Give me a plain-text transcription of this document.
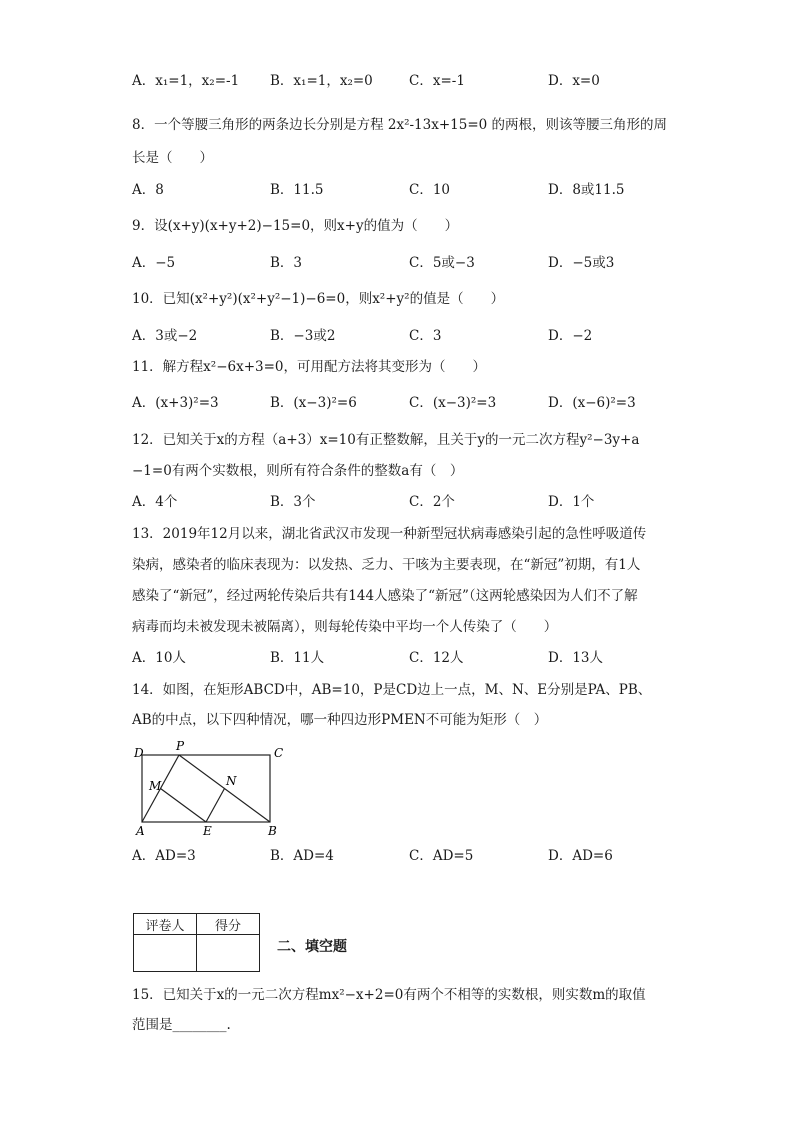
A．x₁=1，x₂=-1 B．x₁=1，x₂=0	C．x=-1	D．x=0
8．一个等腰三角形的两条边长分别是方程 2x²-13x+15=0 的两根，则该等腰三角形的周
长是（　　）
A．8	B．11.5	C．10	D．8或11.5
9．设(x+y)(x+y+2)−15=0，则x+y的值为（　　）
A．−5	B．3	C．5或−3	D．−5或3
10．已知(x²+y²)(x²+y²−1)−6=0，则x²+y²的值是（　　）
A．3或−2	B．−3或2	C．3	D．−2
11．解方程x²−6x+3=0，可用配方法将其变形为（　　）
A．(x+3)²=3	B．(x−3)²=6	C．(x−3)²=3	D．(x−6)²=3
12．已知关于x的方程（a+3）x=10有正整数解，且关于y的一元二次方程y²−3y+a
−1=0有两个实数根，则所有符合条件的整数a有（　）
A．4个	B．3个	C．2个	D．1个
13．2019年12月以来，湖北省武汉市发现一种新型冠状病毒感染引起的急性呼吸道传
染病，感染者的临床表现为：以发热、乏力、干咳为主要表现，在“新冠”初期，有1人
感染了“新冠”，经过两轮传染后共有144人感染了“新冠”（这两轮感染因为人们不了解
病毒而均未被发现未被隔离），则每轮传染中平均一个人传染了（　　）
A．10人	B．11人	C．12人	D．13人
14．如图，在矩形ABCD中，AB=10，P是CD边上一点，M、N、E分别是PA、PB、
AB的中点，以下四种情况，哪一种四边形PMEN不可能为矩形（　）
D	P	C
M	N
A	E	B
A．AD=3	B．AD=4	C．AD=5	D．AD=6
评卷人	得分

二、填空题
15．已知关于x的一元二次方程mx²−x+2=0有两个不相等的实数根，则实数m的取值
范围是________.
